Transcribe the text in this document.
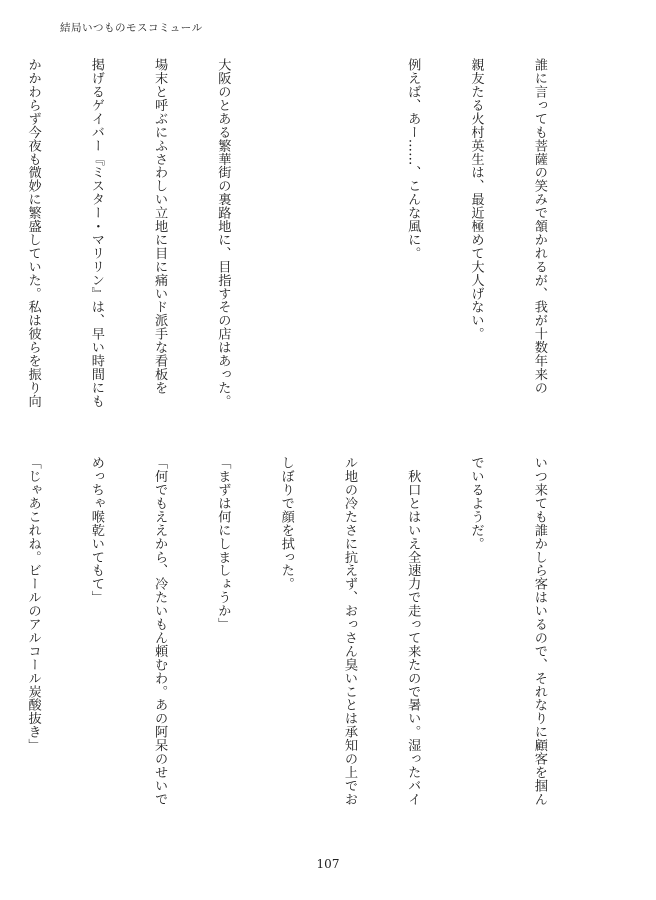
結局いつものモスコミュール

誰に言っても菩薩の笑みで頷かれるが、我が十数年来の

親友たる火村英生は、最近極めて大人げない。

例えば、あー……、こんな風に。

大阪のとある繁華街の裏路地に、目指すその店はあった。

場末と呼ぶにふさわしい立地に目に痛いド派手な看板を

掲げるゲイバー『ミスター・マリリン』は、早い時間にも

かかわらず今夜も微妙に繁盛していた。私は彼らを振り向

いつ来ても誰かしら客はいるので、それなりに顧客を掴ん

でいるようだ。

　秋口とはいえ全速力で走って来たので暑い。湿ったバイ

ル地の冷たさに抗えず、おっさん臭いことは承知の上でお

しぼりで顔を拭った。

「まずは何にしましょうか」

「何でもええから、冷たいもん頼むわ。あの阿呆のせいで

めっちゃ喉乾いてもて」

「じゃあこれね。ビールのアルコール炭酸抜き」

107
